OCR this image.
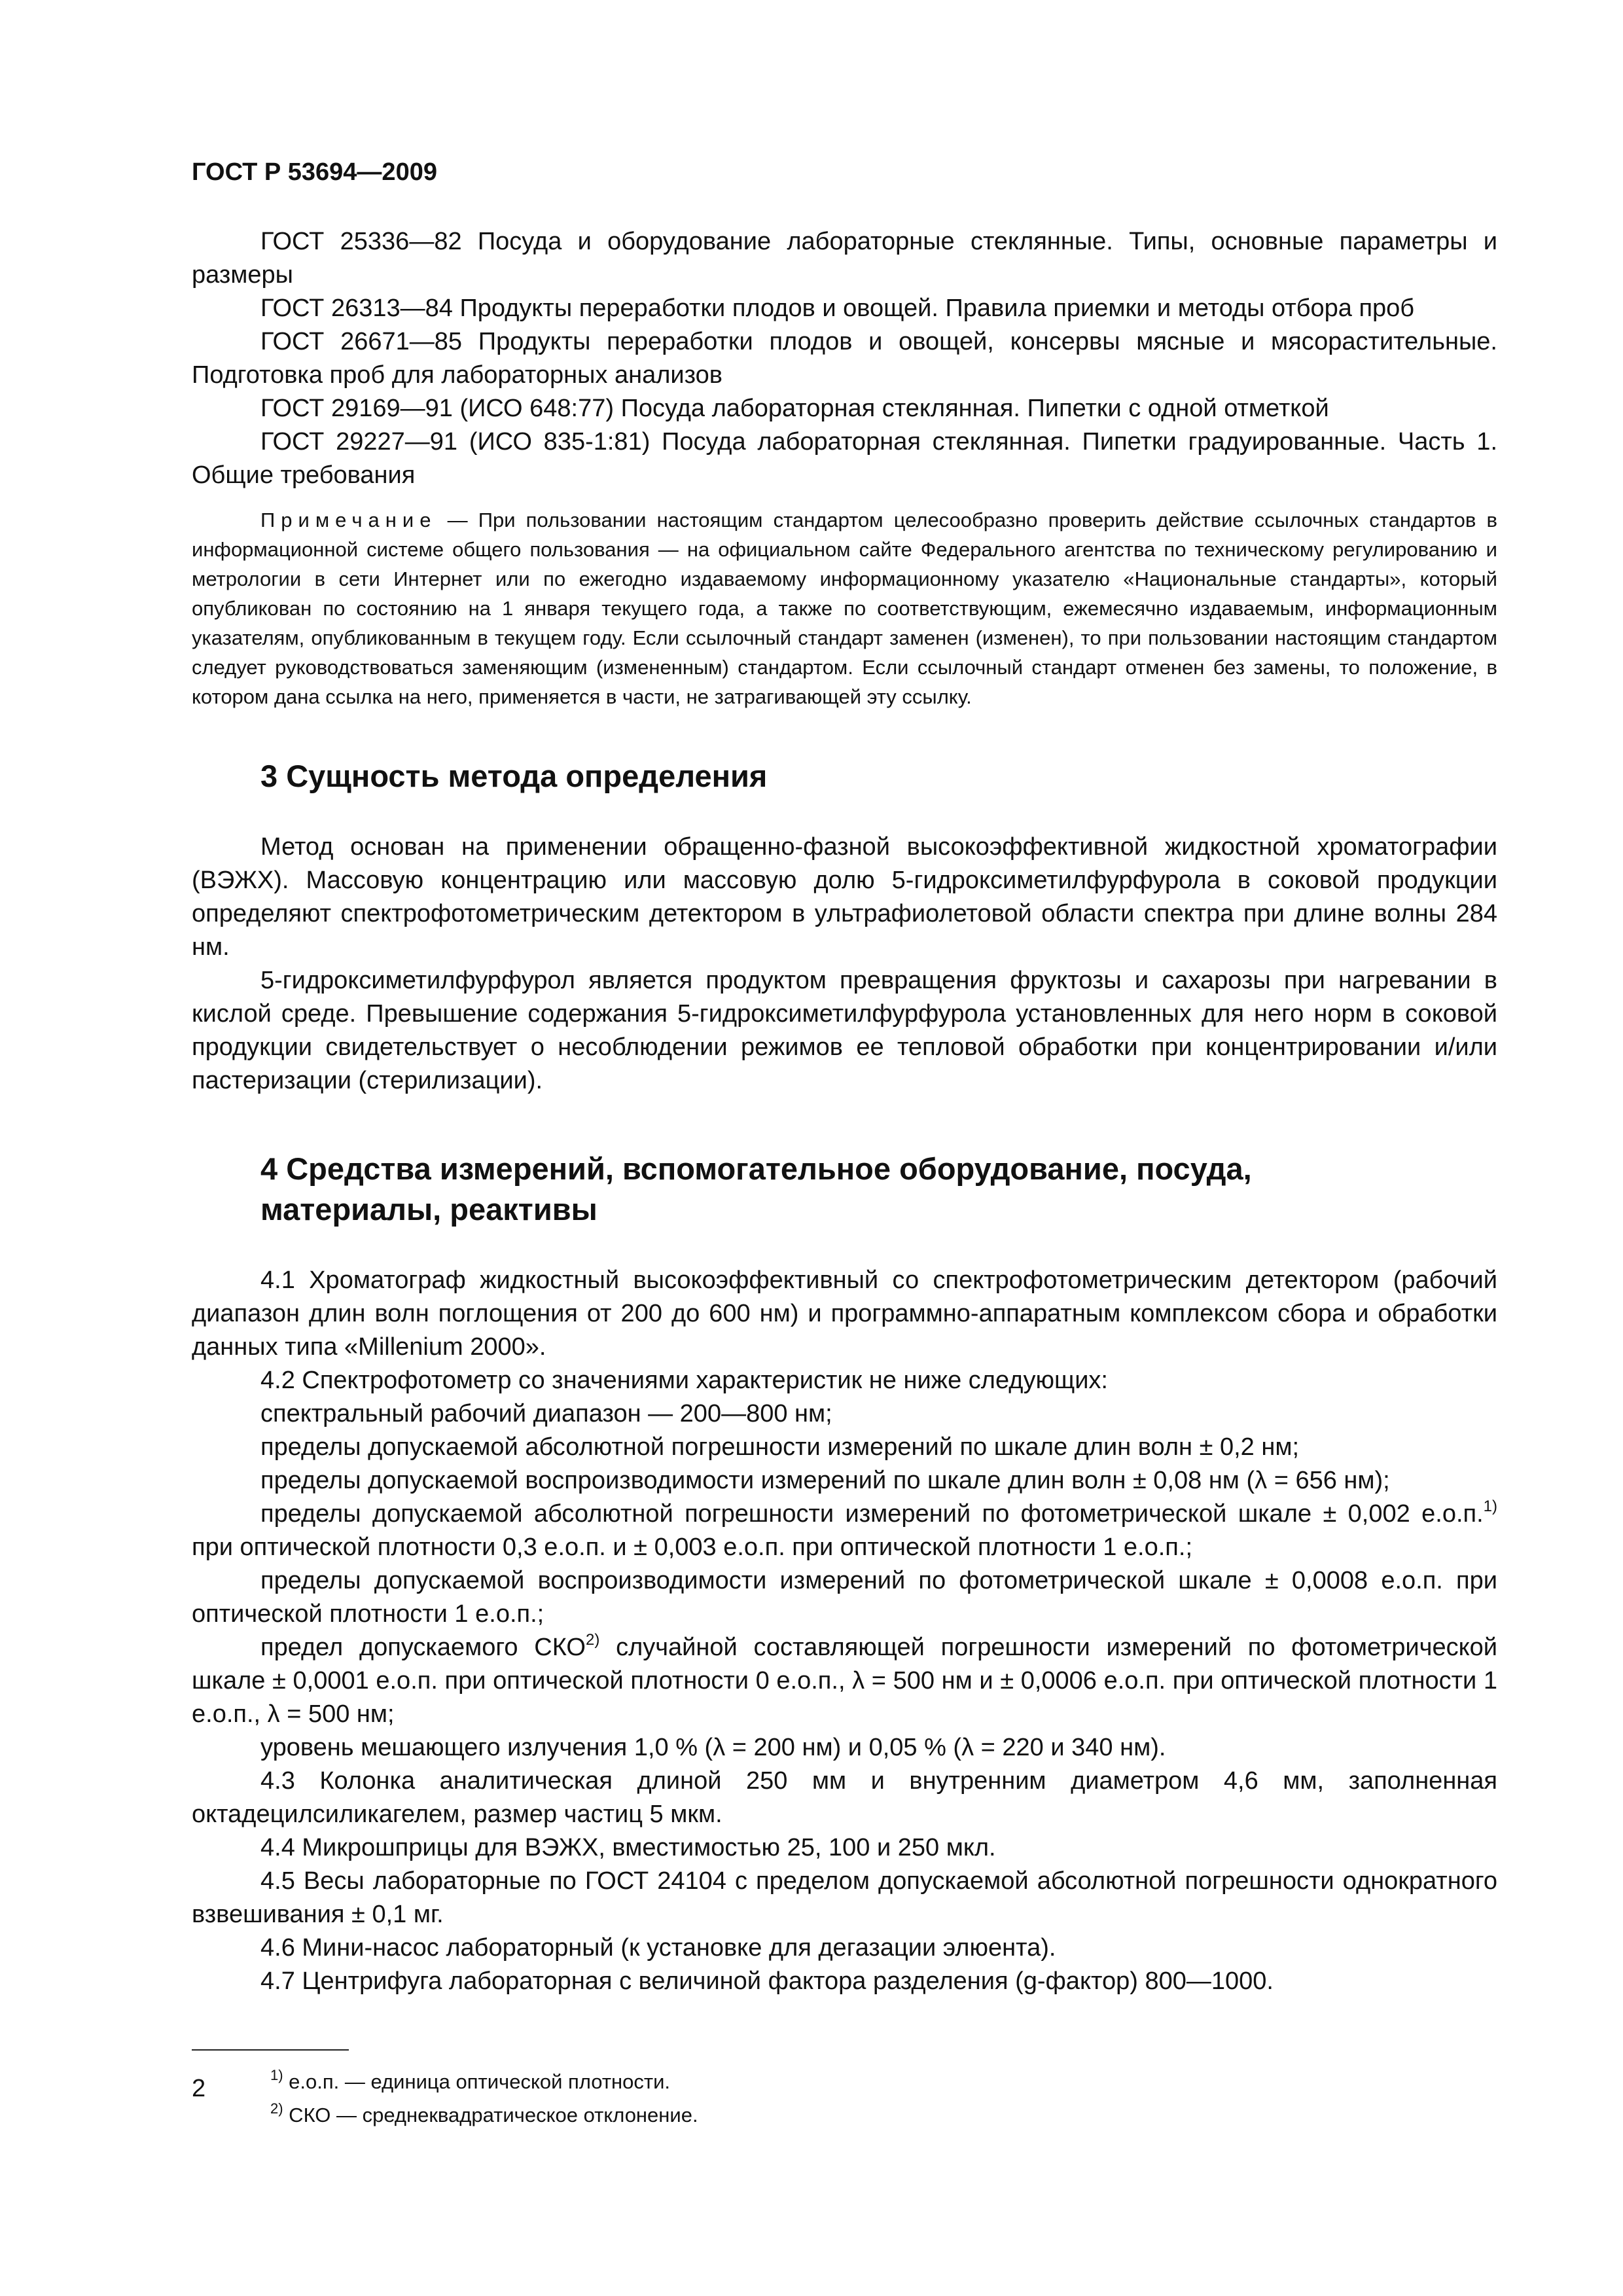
ГОСТ Р 53694—2009

ГОСТ 25336—82 Посуда и оборудование лабораторные стеклянные. Типы, основные параметры и размеры

ГОСТ 26313—84 Продукты переработки плодов и овощей. Правила приемки и методы отбора проб

ГОСТ 26671—85 Продукты переработки плодов и овощей, консервы мясные и мясорастительные. Подготовка проб для лабораторных анализов

ГОСТ 29169—91 (ИСО 648:77) Посуда лабораторная стеклянная. Пипетки с одной отметкой

ГОСТ 29227—91 (ИСО 835-1:81) Посуда лабораторная стеклянная. Пипетки градуированные. Часть 1. Общие требования

Примечание — При пользовании настоящим стандартом целесообразно проверить действие ссылочных стандартов в информационной системе общего пользования — на официальном сайте Федерального агентства по техническому регулированию и метрологии в сети Интернет или по ежегодно издаваемому информационному указателю «Национальные стандарты», который опубликован по состоянию на 1 января текущего года, а также по соответствующим, ежемесячно издаваемым, информационным указателям, опубликованным в текущем году. Если ссылочный стандарт заменен (изменен), то при пользовании настоящим стандартом следует руководствоваться заменяющим (измененным) стандартом. Если ссылочный стандарт отменен без замены, то положение, в котором дана ссылка на него, применяется в части, не затрагивающей эту ссылку.

3 Сущность метода определения

Метод основан на применении обращенно-фазной высокоэффективной жидкостной хроматографии (ВЭЖХ). Массовую концентрацию или массовую долю 5-гидроксиметилфурфурола в соковой продукции определяют спектрофотометрическим детектором в ультрафиолетовой области спектра при длине волны 284 нм.

5-гидроксиметилфурфурол является продуктом превращения фруктозы и сахарозы при нагревании в кислой среде. Превышение содержания 5-гидроксиметилфурфурола установленных для него норм в соковой продукции свидетельствует о несоблюдении режимов ее тепловой обработки при концентрировании и/или пастеризации (стерилизации).

4 Средства измерений, вспомогательное оборудование, посуда,
материалы, реактивы

4.1 Хроматограф жидкостный высокоэффективный со спектрофотометрическим детектором (рабочий диапазон длин волн поглощения от 200 до 600 нм) и программно-аппаратным комплексом сбора и обработки данных типа «Millenium 2000».

4.2 Спектрофотометр со значениями характеристик не ниже следующих:

спектральный рабочий диапазон — 200—800 нм;

пределы допускаемой абсолютной погрешности измерений по шкале длин волн ± 0,2 нм;

пределы допускаемой воспроизводимости измерений по шкале длин волн ± 0,08 нм (λ = 656 нм);

пределы допускаемой абсолютной погрешности измерений по фотометрической шкале ± 0,002 е.о.п.$^{1)}$ при оптической плотности 0,3 е.о.п. и ± 0,003 е.о.п. при оптической плотности 1 е.о.п.;

пределы допускаемой воспроизводимости измерений по фотометрической шкале ± 0,0008 е.о.п. при оптической плотности 1 е.о.п.;

предел допускаемого СКО$^{2)}$ случайной составляющей погрешности измерений по фотометрической шкале ± 0,0001 е.о.п. при оптической плотности 0 е.о.п., λ = 500 нм и ± 0,0006 е.о.п. при оптической плотности 1 е.о.п., λ = 500 нм;

уровень мешающего излучения 1,0 % (λ = 200 нм) и 0,05 % (λ = 220 и 340 нм).

4.3 Колонка аналитическая длиной 250 мм и внутренним диаметром 4,6 мм, заполненная октадецилсиликагелем, размер частиц 5 мкм.

4.4 Микрошприцы для ВЭЖХ, вместимостью 25, 100 и 250 мкл.

4.5 Весы лабораторные по ГОСТ 24104 с пределом допускаемой абсолютной погрешности однократного взвешивания ± 0,1 мг.

4.6 Мини-насос лабораторный (к установке для дегазации элюента).

4.7 Центрифуга лабораторная с величиной фактора разделения (g-фактор) 800—1000.

$^{1)}$ е.о.п. — единица оптической плотности.

$^{2)}$ СКО — среднеквадратическое отклонение.

2
